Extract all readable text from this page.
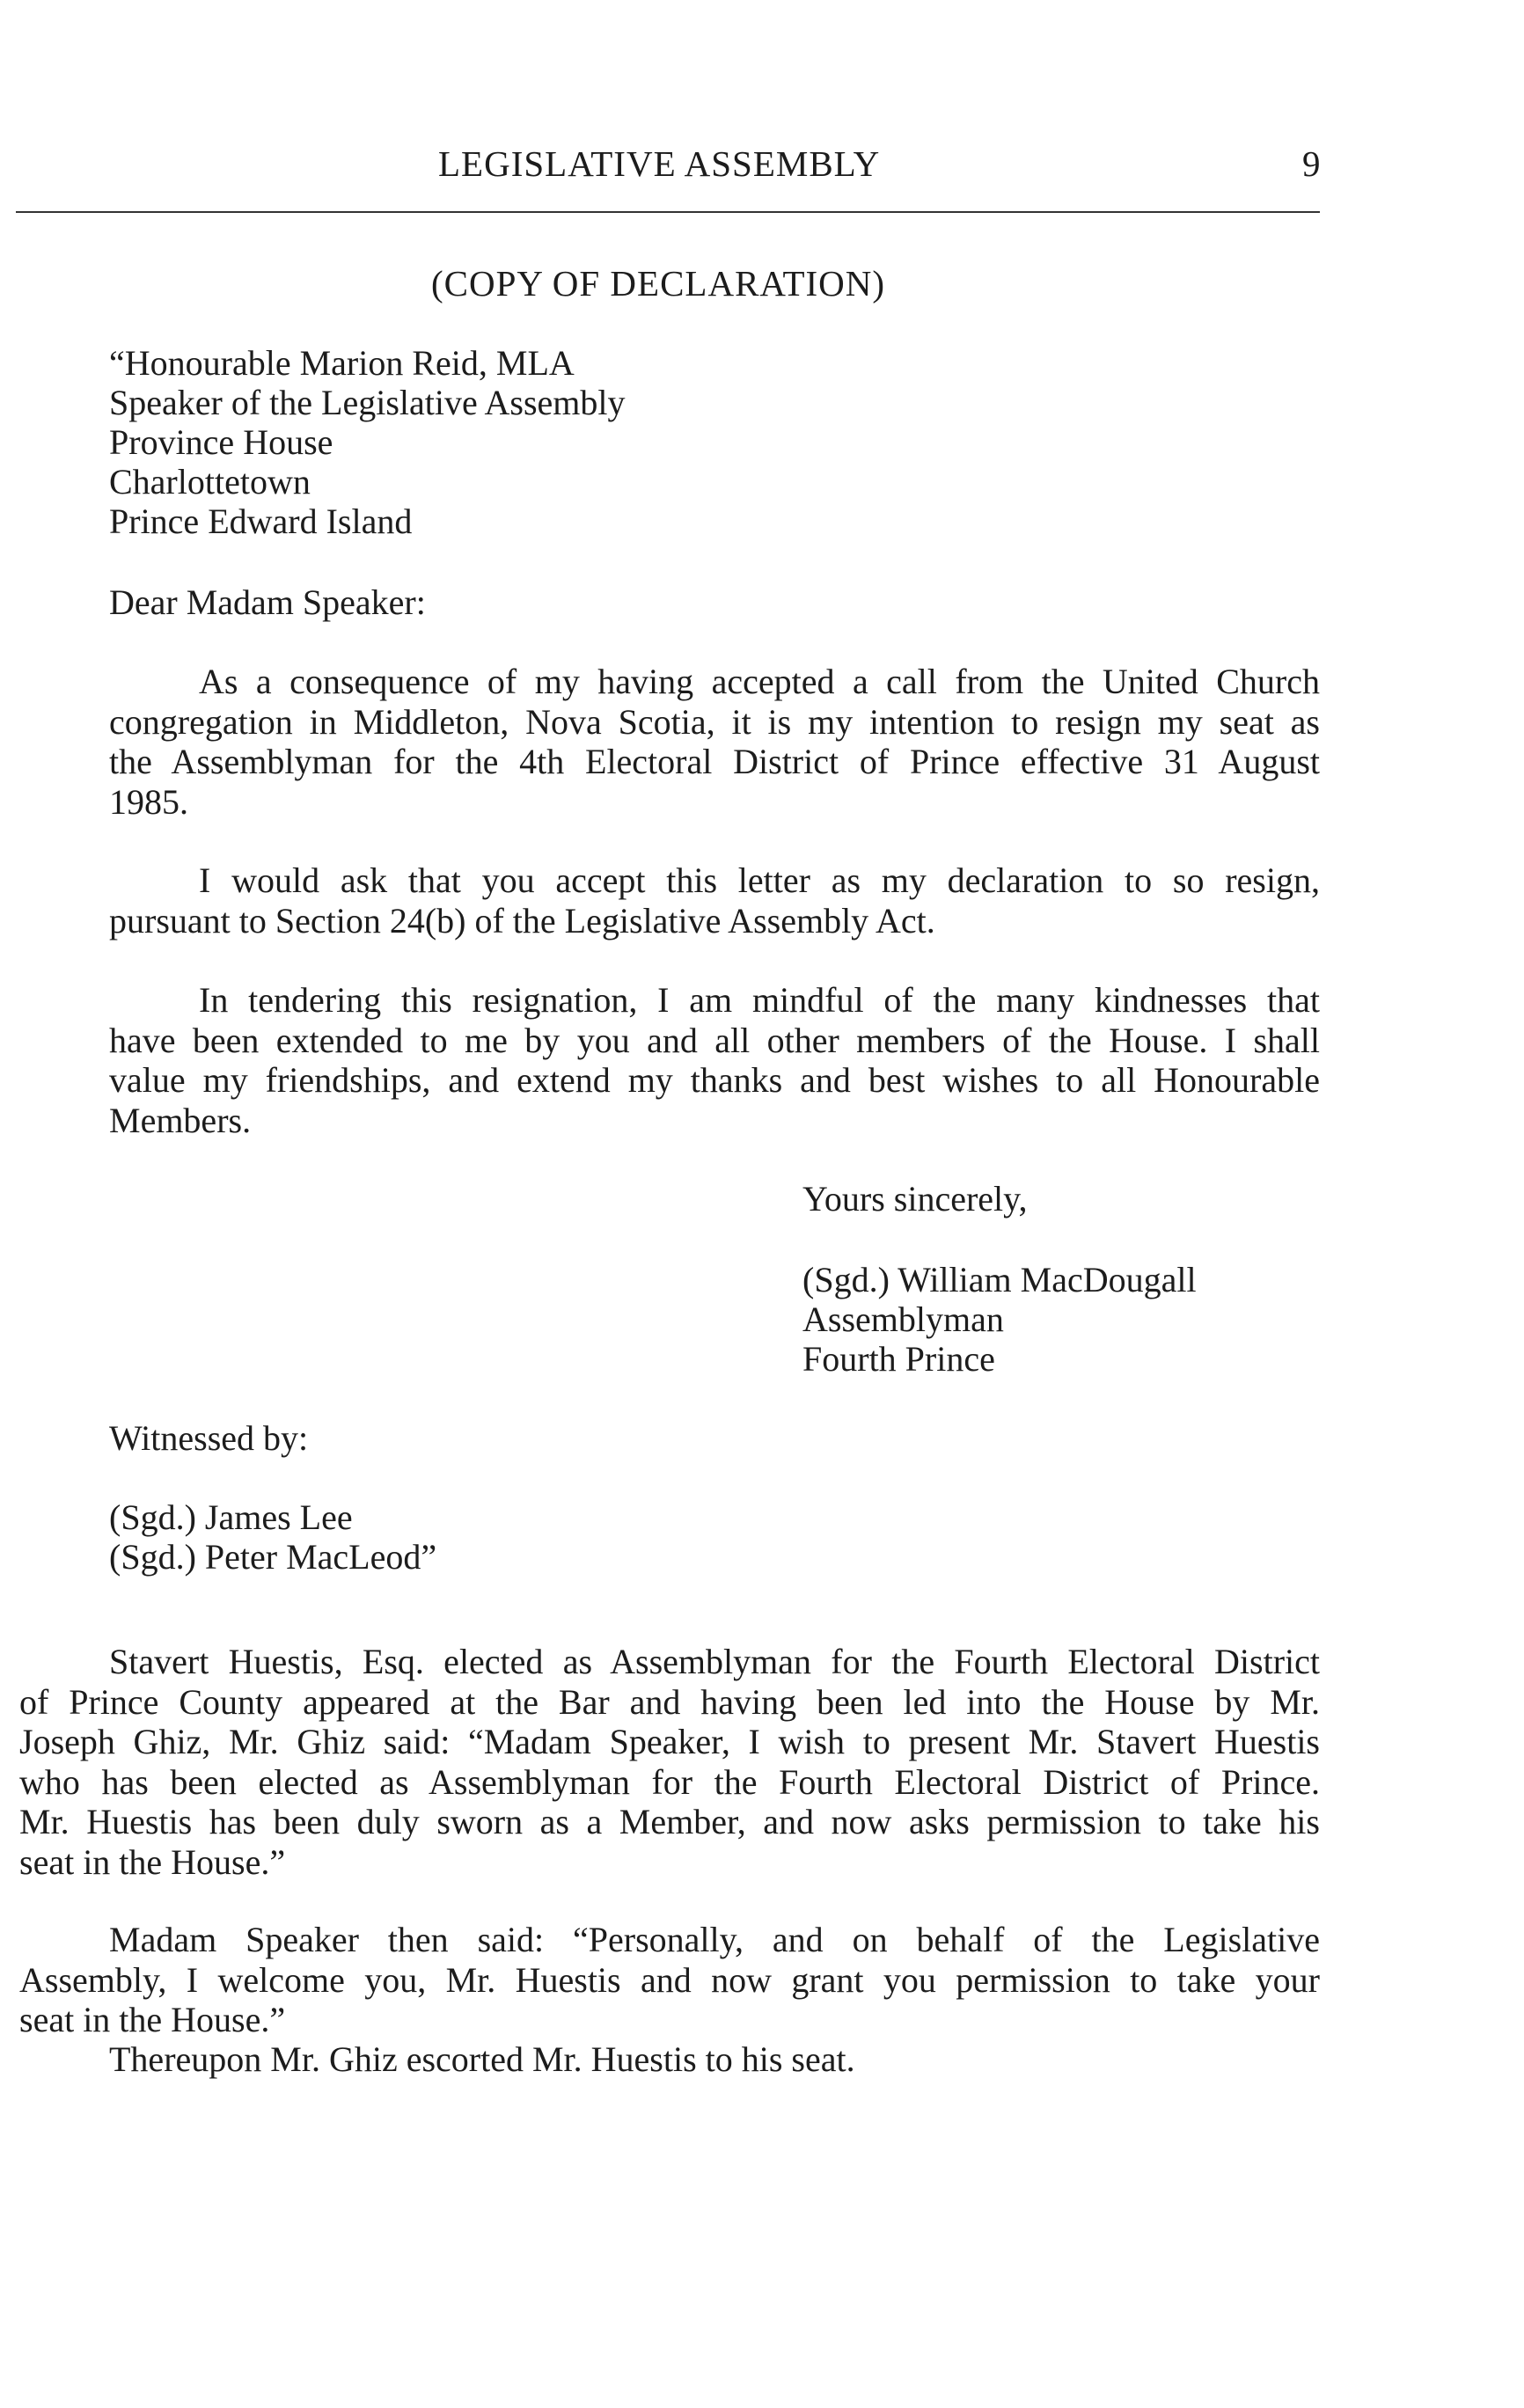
LEGISLATIVE ASSEMBLY	9
(COPY OF DECLARATION)
“Honourable Marion Reid, MLA
Speaker of the Legislative Assembly
Province House
Charlottetown
Prince Edward Island
Dear Madam Speaker:
As a consequence of my having accepted a call from the United Church
congregation in Middleton, Nova Scotia, it is my intention to resign my seat as
the Assemblyman for the 4th Electoral District of Prince effective 31 August
1985.
I would ask that you accept this letter as my declaration to so resign,
pursuant to Section 24(b) of the Legislative Assembly Act.
In tendering this resignation, I am mindful of the many kindnesses that
have been extended to me by you and all other members of the House. I shall
value my friendships, and extend my thanks and best wishes to all Honourable
Members.
Yours sincerely,
(Sgd.) William MacDougall
Assemblyman
Fourth Prince
Witnessed by:
(Sgd.) James Lee
(Sgd.) Peter MacLeod”
Stavert Huestis, Esq. elected as Assemblyman for the Fourth Electoral District
of Prince County appeared at the Bar and having been led into the House by Mr.
Joseph Ghiz, Mr. Ghiz said: “Madam Speaker, I wish to present Mr. Stavert Huestis
who has been elected as Assemblyman for the Fourth Electoral District of Prince.
Mr. Huestis has been duly sworn as a Member, and now asks permission to take his
seat in the House.”
Madam Speaker then said: “Personally, and on behalf of the Legislative
Assembly, I welcome you, Mr. Huestis and now grant you permission to take your
seat in the House.”
Thereupon Mr. Ghiz escorted Mr. Huestis to his seat.
